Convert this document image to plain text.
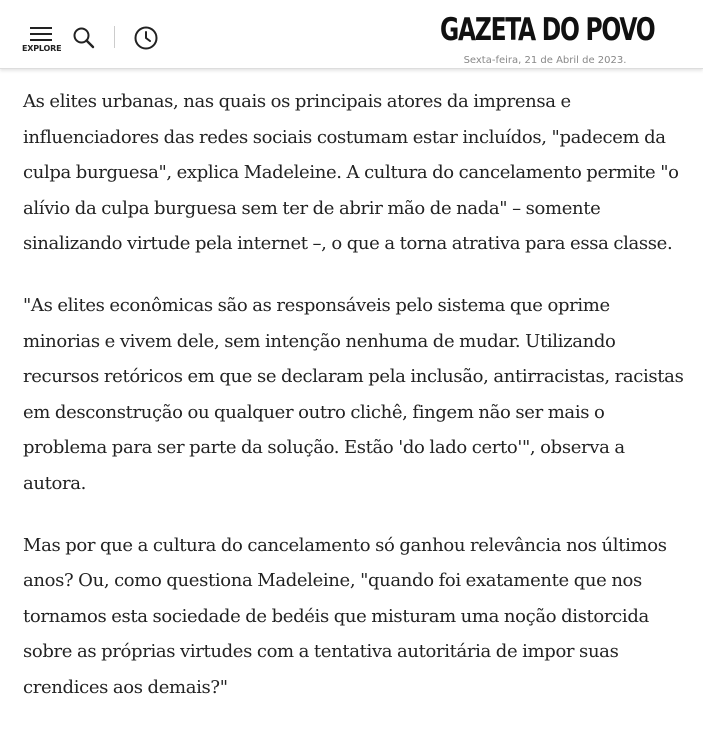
EXPLORE
GAZETA DO POVO
Sexta-feira, 21 de Abril de 2023.

As elites urbanas, nas quais os principais atores da imprensa e influenciadores das redes sociais costumam estar incluídos, "padecem da culpa burguesa", explica Madeleine. A cultura do cancelamento permite "o alívio da culpa burguesa sem ter de abrir mão de nada" – somente sinalizando virtude pela internet –, o que a torna atrativa para essa classe.

"As elites econômicas são as responsáveis pelo sistema que oprime minorias e vivem dele, sem intenção nenhuma de mudar. Utilizando recursos retóricos em que se declaram pela inclusão, antirracistas, racistas em desconstrução ou qualquer outro clichê, fingem não ser mais o problema para ser parte da solução. Estão 'do lado certo'", observa a autora.

Mas por que a cultura do cancelamento só ganhou relevância nos últimos anos? Ou, como questiona Madeleine, "quando foi exatamente que nos tornamos esta sociedade de bedéis que misturam uma noção distorcida sobre as próprias virtudes com a tentativa autoritária de impor suas crendices aos demais?"
